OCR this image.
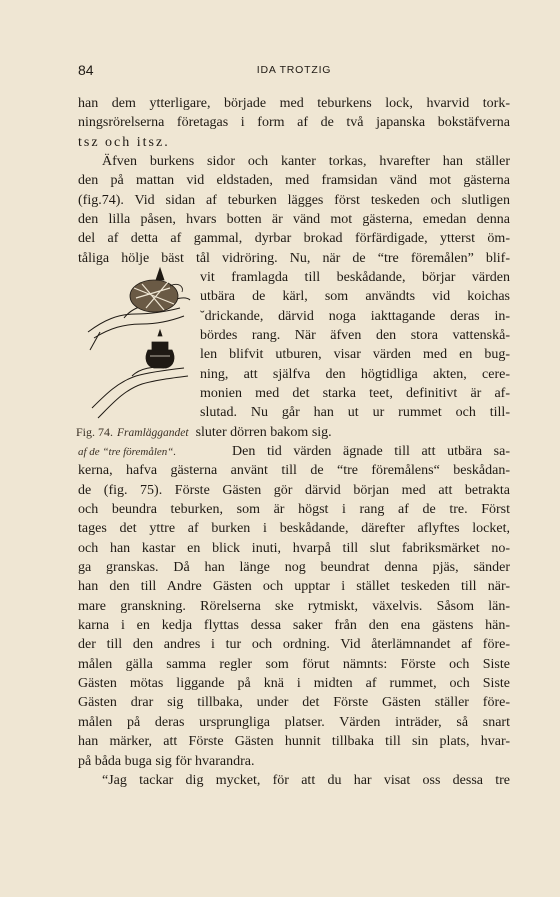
84	IDA TROTZIG
han dem ytterligare, började med teburkens lock, hvarvid tork-
ningsrörelserna företagas i form af de två japanska bokstäfverna
tsz och itsz.
Äfven burkens sidor och kanter torkas, hvarefter han ställer
den på mattan vid eldstaden, med framsidan vänd mot gästerna
(fig.74). Vid sidan af teburken lägges först teskeden och slutligen
den lilla påsen, hvars botten är vänd mot gästerna, emedan denna
del af detta af gammal, dyrbar brokad förfärdigade, ytterst öm-
tåliga hölje bäst tål vidröring. Nu, när de “tre föremålen” blif-
vit framlagda till beskådande, börjar värden
utbära de kärl, som användts vid koichas
˘drickande, därvid noga iakttagande deras in-
bördes rang. När äfven den stora vattenskå-
len blifvit utburen, visar värden med en bug-
ning, att själfva den högtidliga akten, cere-
monien med det starka teet, definitivt är af-
slutad. Nu går han ut ur rummet och till-
Fig. 74. Framläggandet sluter dörren bakom sig.
af de “tre föremålen“.	Den tid värden ägnade till att utbära sa-
kerna, hafva gästerna använt till de “tre föremålens“ beskådan-
de (fig. 75). Förste Gästen gör därvid början med att betrakta
och beundra teburken, som är högst i rang af de tre. Först
tages det yttre af burken i beskådande, därefter aflyftes locket,
och han kastar en blick inuti, hvarpå till slut fabriksmärket no-
ga granskas. Då han länge nog beundrat denna pjäs, sänder
han den till Andre Gästen och upptar i stället teskeden till när-
mare granskning. Rörelserna ske rytmiskt, växelvis. Såsom län-
karna i en kedja flyttas dessa saker från den ena gästens hän-
der till den andres i tur och ordning. Vid återlämnandet af före-
målen gälla samma regler som förut nämnts: Förste och Siste
Gästen mötas liggande på knä i midten af rummet, och Siste
Gästen drar sig tillbaka, under det Förste Gästen ställer före-
målen på deras ursprungliga platser. Värden inträder, så snart
han märker, att Förste Gästen hunnit tillbaka till sin plats, hvar-
på båda buga sig för hvarandra.
“Jag tackar dig mycket, för att du har visat oss dessa tre
